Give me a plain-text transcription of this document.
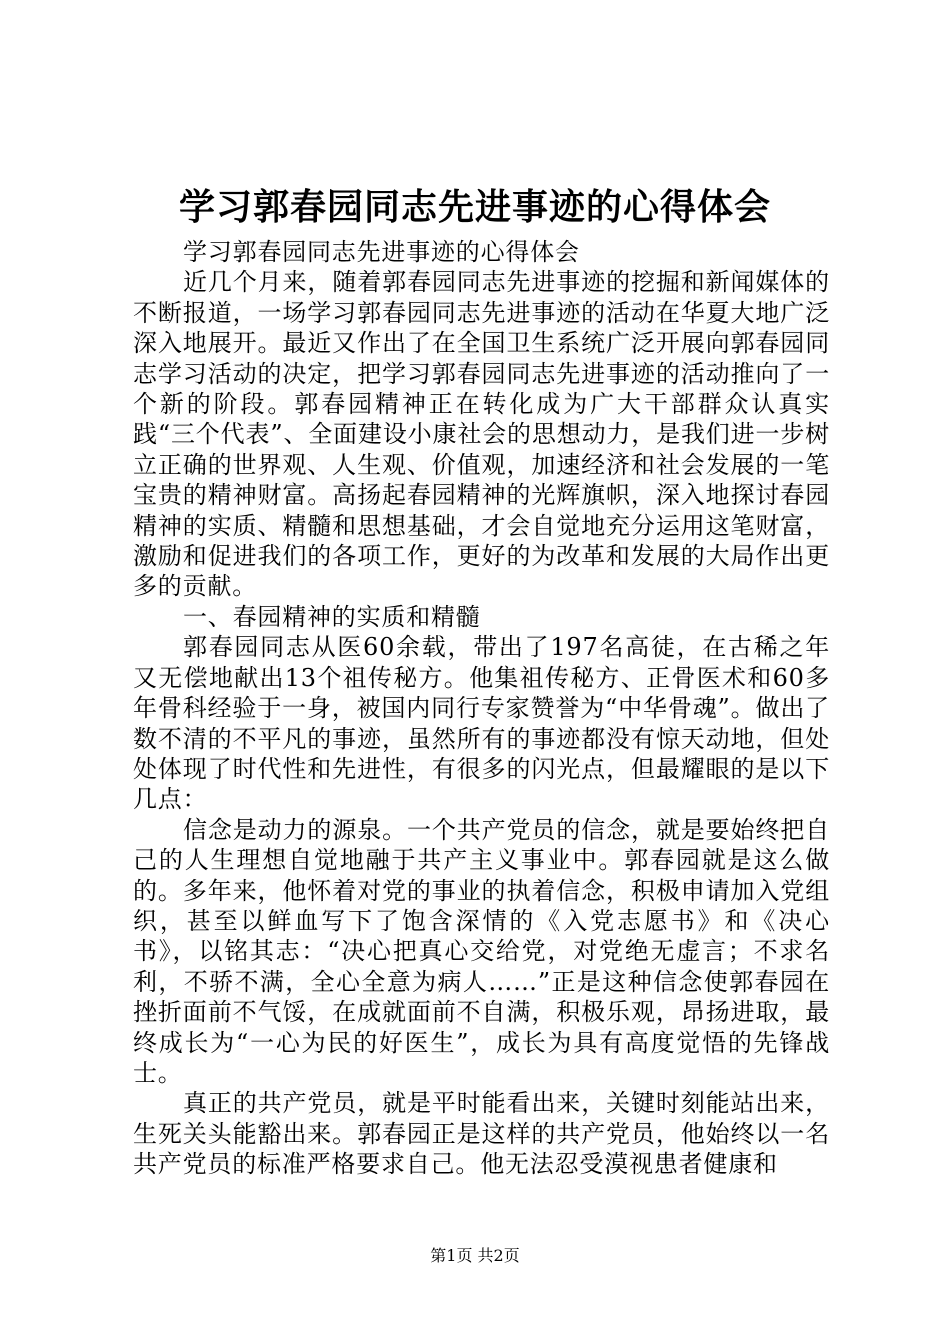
学习郭春园同志先进事迹的心得体会

学习郭春园同志先进事迹的心得体会

近几个月来，随着郭春园同志先进事迹的挖掘和新闻媒体的不断报道，一场学习郭春园同志先进事迹的活动在华夏大地广泛深入地展开。最近又作出了在全国卫生系统广泛开展向郭春园同志学习活动的决定，把学习郭春园同志先进事迹的活动推向了一个新的阶段。郭春园精神正在转化成为广大干部群众认真实践“三个代表”、全面建设小康社会的思想动力，是我们进一步树立正确的世界观、人生观、价值观，加速经济和社会发展的一笔宝贵的精神财富。高扬起春园精神的光辉旗帜，深入地探讨春园精神的实质、精髓和思想基础，才会自觉地充分运用这笔财富，激励和促进我们的各项工作，更好的为改革和发展的大局作出更多的贡献。

一、春园精神的实质和精髓

郭春园同志从医60余载，带出了197名高徒，在古稀之年又无偿地献出13个祖传秘方。他集祖传秘方、正骨医术和60多年骨科经验于一身，被国内同行专家赞誉为“中华骨魂”。做出了数不清的不平凡的事迹，虽然所有的事迹都没有惊天动地，但处处体现了时代性和先进性，有很多的闪光点，但最耀眼的是以下几点：

信念是动力的源泉。一个共产党员的信念，就是要始终把自己的人生理想自觉地融于共产主义事业中。郭春园就是这么做的。多年来，他怀着对党的事业的执着信念，积极申请加入党组织，甚至以鲜血写下了饱含深情的《入党志愿书》和《决心书》，以铭其志：“决心把真心交给党，对党绝无虚言；不求名利，不骄不满，全心全意为病人……”正是这种信念使郭春园在挫折面前不气馁，在成就面前不自满，积极乐观，昂扬进取，最终成长为“一心为民的好医生”，成长为具有高度觉悟的先锋战士。

真正的共产党员，就是平时能看出来，关键时刻能站出来，生死关头能豁出来。郭春园正是这样的共产党员，他始终以一名共产党员的标准严格要求自己。他无法忍受漠视患者健康和

第1页 共2页
